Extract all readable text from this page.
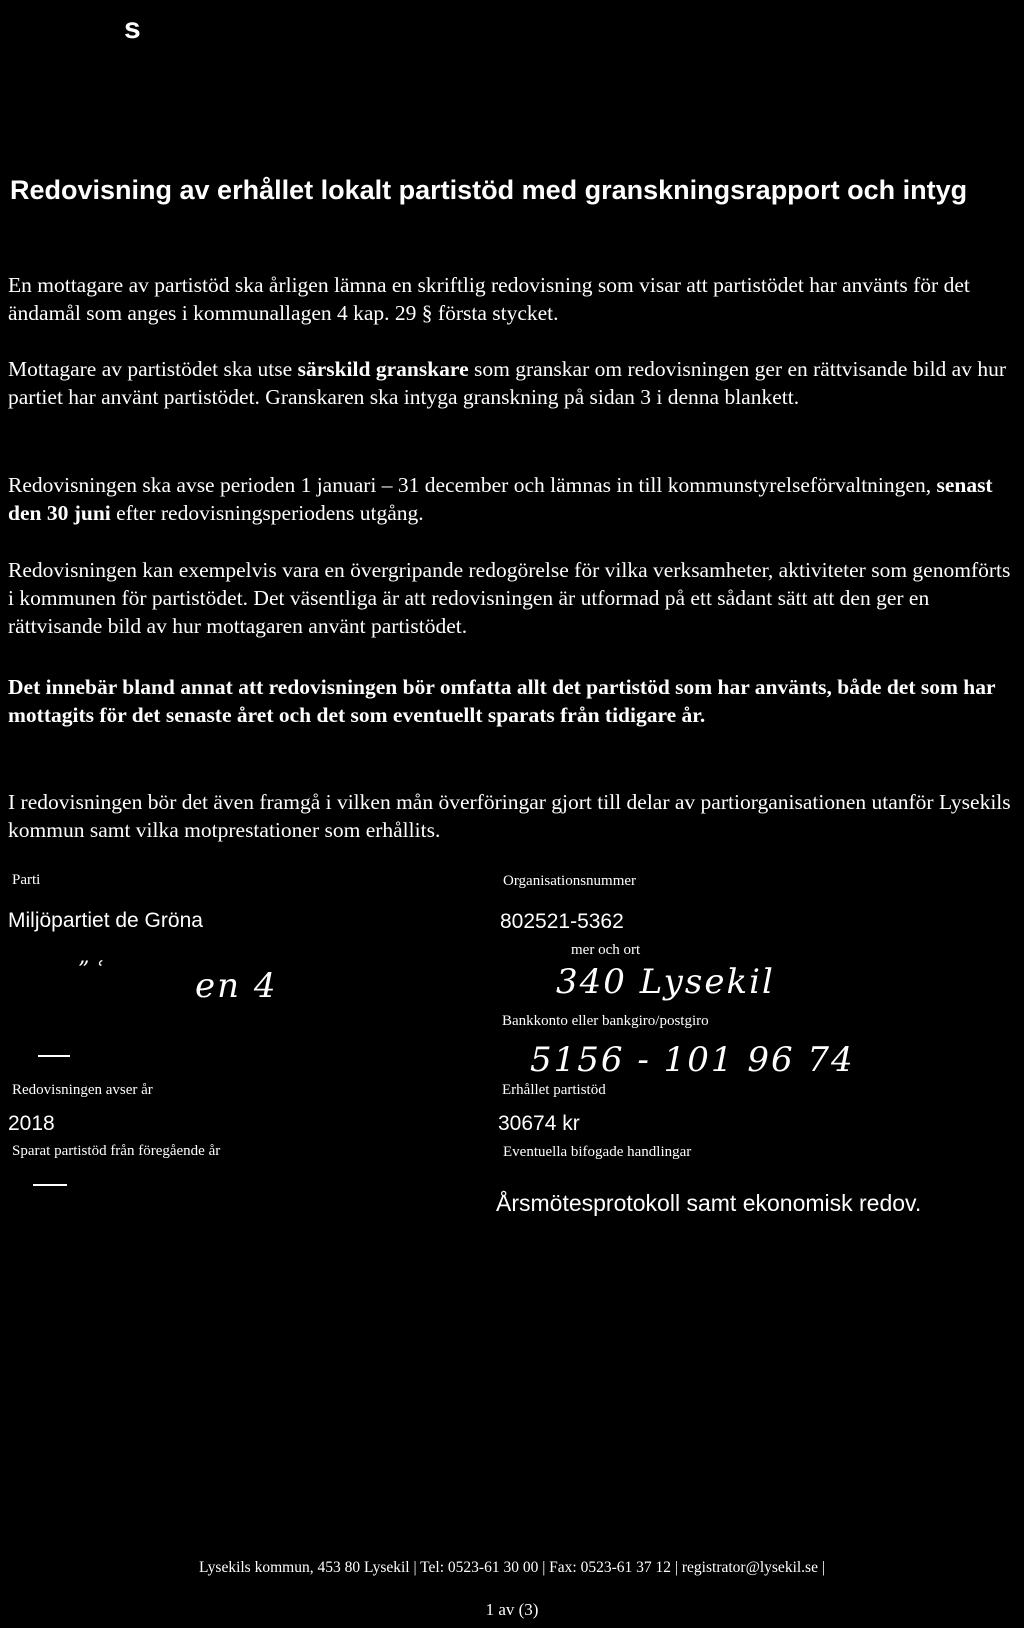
s
Redovisning av erhållet lokalt partistöd med granskningsrapport och intyg
En mottagare av partistöd ska årligen lämna en skriftlig redovisning som visar att partistödet har använts för det ändamål som anges i kommunallagen 4 kap. 29 § första stycket.
Mottagare av partistödet ska utse särskild granskare som granskar om redovisningen ger en rättvisande bild av hur partiet har använt partistödet. Granskaren ska intyga granskning på sidan 3 i denna blankett.
Redovisningen ska avse perioden 1 januari – 31 december och lämnas in till kommunstyrelseförvaltningen, senast den 30 juni efter redovisningsperiodens utgång.
Redovisningen kan exempelvis vara en övergripande redogörelse för vilka verksamheter, aktiviteter som genomförts i kommunen för partistödet. Det väsentliga är att redovisningen är utformad på ett sådant sätt att den ger en rättvisande bild av hur mottagaren använt partistödet.
Det innebär bland annat att redovisningen bör omfatta allt det partistöd som har använts, både det som har mottagits för det senaste året och det som eventuellt sparats från tidigare år.
I redovisningen bör det även framgå i vilken mån överföringar gjort till delar av partiorganisationen utanför Lysekils kommun samt vilka motprestationer som erhållits.
Parti
Miljöpartiet de Gröna
Organisationsnummer
802521-5362
” ʿ	en 4
mer och ort
340 Lysekil
Bankkonto eller bankgiro/postgiro
5156 - 101 96 74
Redovisningen avser år
2018
Erhållet partistöd
30674 kr
Sparat partistöd från föregående år	Eventuella bifogade handlingar
Årsmötesprotokoll samt ekonomisk redov.
Lysekils kommun, 453 80 Lysekil | Tel: 0523-61 30 00 | Fax: 0523-61 37 12 | registrator@lysekil.se |
1 av (3)
